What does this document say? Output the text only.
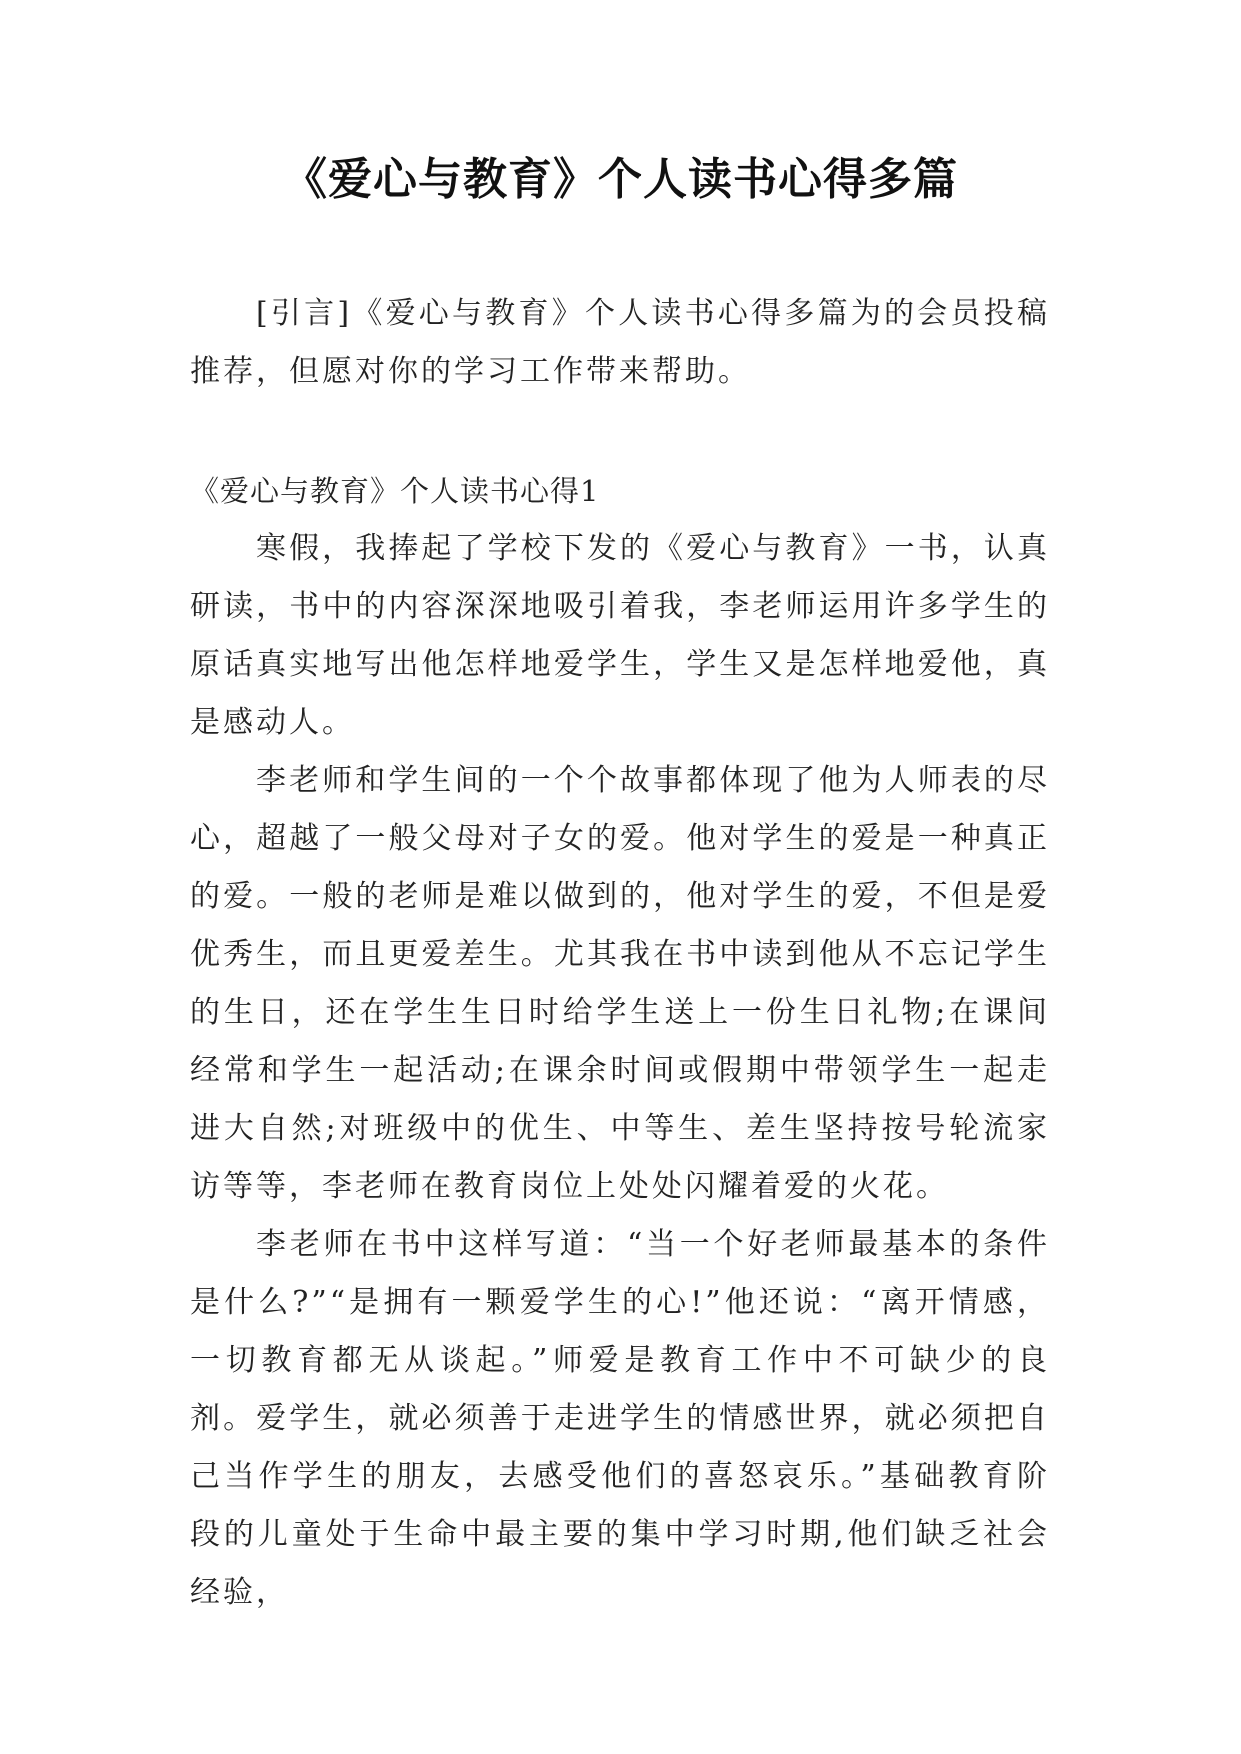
《爱心与教育》个人读书心得多篇

[引言]《爱心与教育》个人读书心得多篇为的会员投稿推荐，但愿对你的学习工作带来帮助。

《爱心与教育》个人读书心得1

寒假，我捧起了学校下发的《爱心与教育》一书，认真研读，书中的内容深深地吸引着我，李老师运用许多学生的原话真实地写出他怎样地爱学生，学生又是怎样地爱他，真是感动人。

李老师和学生间的一个个故事都体现了他为人师表的尽心，超越了一般父母对子女的爱。他对学生的爱是一种真正的爱。一般的老师是难以做到的，他对学生的爱，不但是爱优秀生，而且更爱差生。尤其我在书中读到他从不忘记学生的生日，还在学生生日时给学生送上一份生日礼物;在课间经常和学生一起活动;在课余时间或假期中带领学生一起走进大自然;对班级中的优生、中等生、差生坚持按号轮流家访等等，李老师在教育岗位上处处闪耀着爱的火花。

李老师在书中这样写道：“当一个好老师最基本的条件是什么?”“是拥有一颗爱学生的心!”他还说：“离开情感，一切教育都无从谈起。”师爱是教育工作中不可缺少的良剂。爱学生，就必须善于走进学生的情感世界，就必须把自己当作学生的朋友，去感受他们的喜怒哀乐。”基础教育阶段的儿童处于生命中最主要的集中学习时期,他们缺乏社会经验，
